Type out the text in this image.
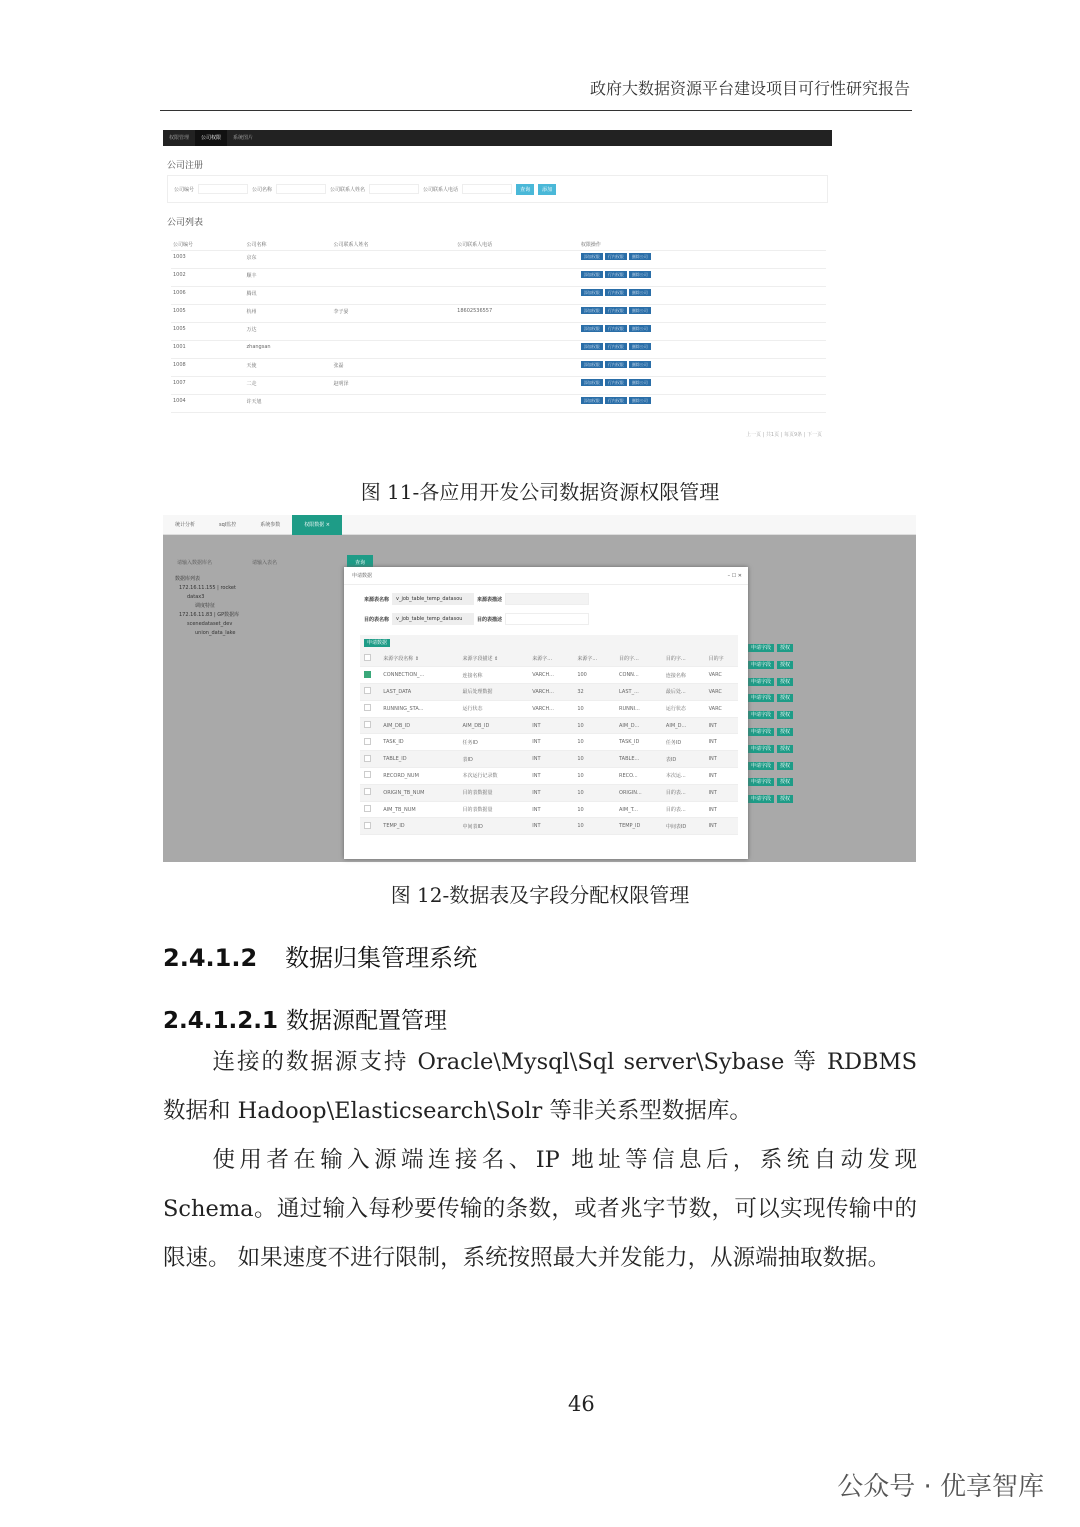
政府大数据资源平台建设项目可行性研究报告
权限管理	公司权限	系统图片
公司注册
公司编号	公司名称	公司联系人姓名	公司联系人电话	查询	添加
公司列表
公司编号	公司名称	公司联系人姓名	公司联系人电话	权限操作
1003	京东			添加权限 行内权限 删除公司
1002	顺丰			添加权限 行内权限 删除公司
1006	腾讯			添加权限 行内权限 删除公司
1005	杭州	李子晏	18602536557	添加权限 行内权限 删除公司
1005	万达			添加权限 行内权限 删除公司
1001	zhangsan			添加权限 行内权限 删除公司
1008	天使	张磊		添加权限 行内权限 删除公司
1007	二走	赵明泽		添加权限 行内权限 删除公司
1004	许天旭			添加权限 行内权限 删除公司
上一页 | 共1页 | 每页9条 | 下一页
图 11-各应用开发公司数据资源权限管理
统计分析	sql监控	系统参数	权限数据 ×
请输入数据库名	请输入表名	查询
数据库列表
172.16.11.155 | rocket
datax3
调度特征
172.16.11.83 | GP数据库
scenedataset_dev
union_data_lake
申请字段 授权
申请字段 授权
申请字段 授权
申请字段 授权
申请字段 授权
申请字段 授权
申请字段 授权
申请字段 授权
申请字段 授权
申请字段 授权
申请数据	– ☐ ✕
来源表名称	v_job_table_temp_datasou	来源表描述
目的表名称	v_job_table_temp_datasou	目的表描述
申请数据
	来源字段名称 ⇕	来源字段描述 ⇕	来源字...	来源字...	目的字...	目的字...	目的字
	CONNECTION_...	连接名称	VARCH...	100	CONN...	连接名称	VARC
	LAST_DATA	最后处理数据	VARCH...	32	LAST_...	最后处...	VARC
	RUNNING_STA...	运行状态	VARCH...	10	RUNNI...	运行状态	VARC
	AIM_DB_ID	AIM_DB_ID	INT	10	AIM_D...	AIM_D...	INT
	TASK_ID	任务ID	INT	10	TASK_ID	任务ID	INT
	TABLE_ID	表ID	INT	10	TABLE...	表ID	INT
	RECORD_NUM	本次运行记录数	INT	10	RECO...	本次运...	INT
	ORIGIN_TB_NUM	目的表数据量	INT	10	ORIGIN...	目的表...	INT
	AIM_TB_NUM	目的表数据量	INT	10	AIM_T...	目的表...	INT
	TEMP_ID	中间表ID	INT	10	TEMP_ID	中间表ID	INT
图 12-数据表及字段分配权限管理
2.4.1.2 数据归集管理系统
2.4.1.2.1 数据源配置管理

连接的数据源支持 Oracle\Mysql\Sql server\Sybase 等 RDBMS 数据和 Hadoop\Elasticsearch\Solr 等非关系型数据库。

使用者在输入源端连接名、IP 地址等信息后，系统自动发现 Schema。通过输入每秒要传输的条数，或者兆字节数，可以实现传输中的限速。 如果速度不进行限制，系统按照最大并发能力，从源端抽取数据。

46
公众号 · 优享智库
